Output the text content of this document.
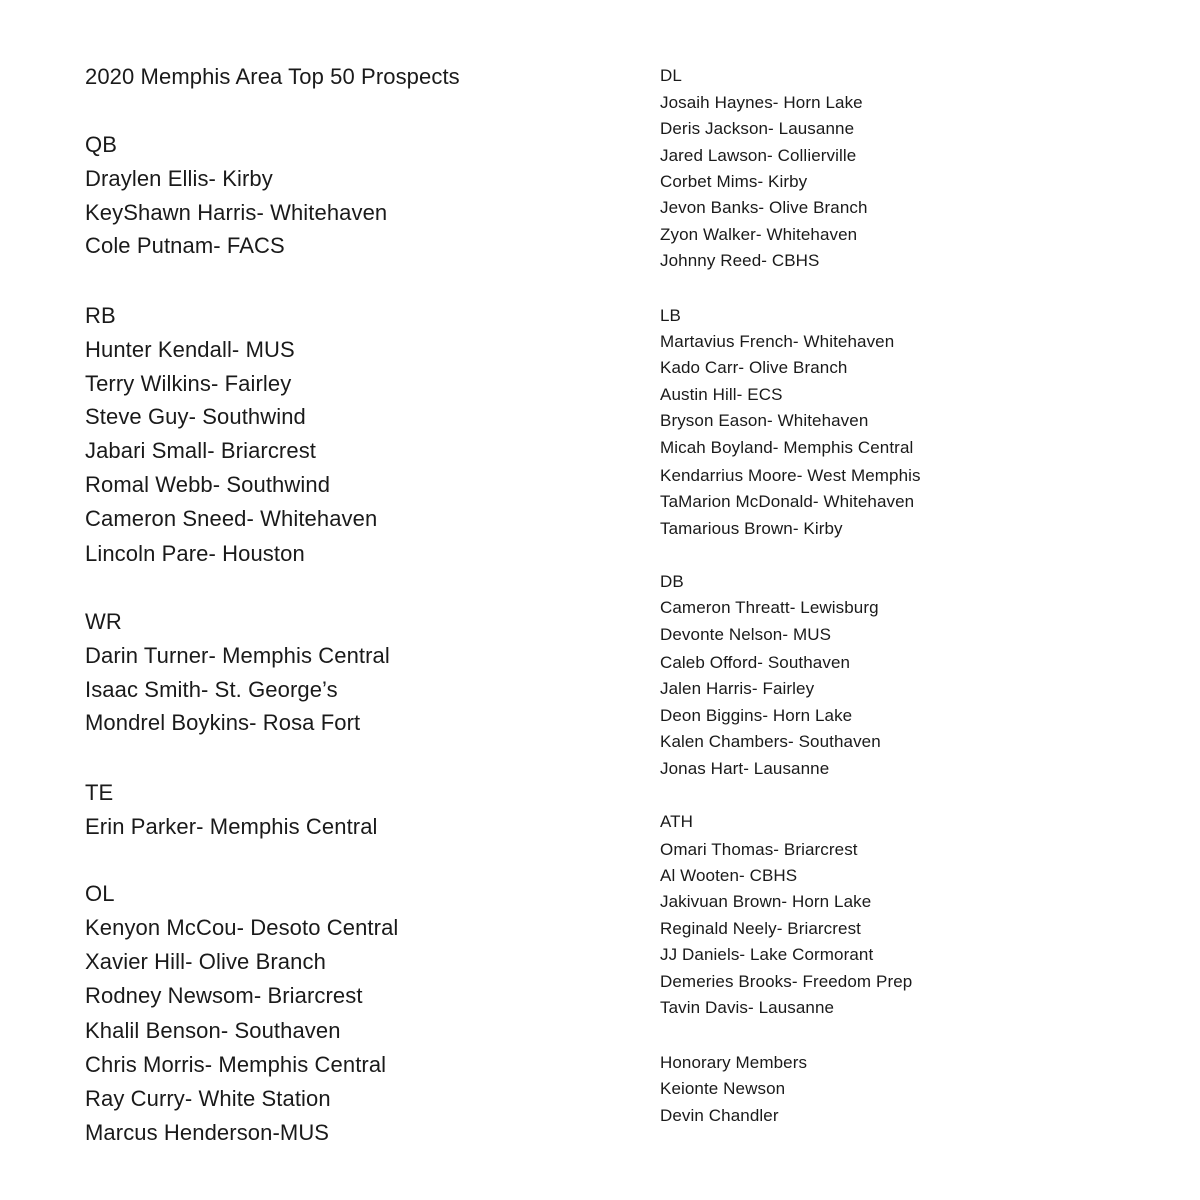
2020 Memphis Area Top 50 Prospects
QB
Draylen Ellis- Kirby
KeyShawn Harris- Whitehaven
Cole Putnam- FACS
RB
Hunter Kendall- MUS
Terry Wilkins- Fairley
Steve Guy- Southwind
Jabari Small- Briarcrest
Romal Webb- Southwind
Cameron Sneed- Whitehaven
Lincoln Pare- Houston
WR
Darin Turner- Memphis Central
Isaac Smith- St. George’s
Mondrel Boykins- Rosa Fort
TE
Erin Parker- Memphis Central
OL
Kenyon McCou- Desoto Central
Xavier Hill- Olive Branch
Rodney Newsom- Briarcrest
Khalil Benson- Southaven
Chris Morris- Memphis Central
Ray Curry- White Station
Marcus Henderson-MUS
DL
Josaih Haynes- Horn Lake
Deris Jackson- Lausanne
Jared Lawson- Collierville
Corbet Mims- Kirby
Jevon Banks- Olive Branch
Zyon Walker- Whitehaven
Johnny Reed- CBHS
LB
Martavius French- Whitehaven
Kado Carr- Olive Branch
Austin Hill- ECS
Bryson Eason- Whitehaven
Micah Boyland- Memphis Central
Kendarrius Moore- West Memphis
TaMarion McDonald- Whitehaven
Tamarious Brown- Kirby
DB
Cameron Threatt- Lewisburg
Devonte Nelson- MUS
Caleb Offord- Southaven
Jalen Harris- Fairley
Deon Biggins- Horn Lake
Kalen Chambers- Southaven
Jonas Hart- Lausanne
ATH
Omari Thomas- Briarcrest
Al Wooten- CBHS
Jakivuan Brown- Horn Lake
Reginald Neely- Briarcrest
JJ Daniels- Lake Cormorant
Demeries Brooks- Freedom Prep
Tavin Davis- Lausanne
Honorary Members
Keionte Newson
Devin Chandler
